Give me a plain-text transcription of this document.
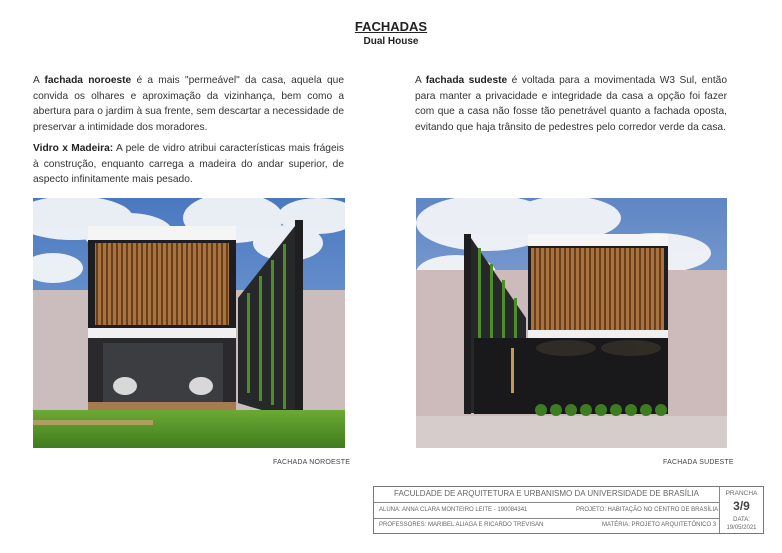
FACHADAS
Dual House
A fachada noroeste é a mais "permeável" da casa, aquela que convida os olhares e aproximação da vizinhança, bem como a abertura para o jardim à sua frente, sem descartar a necessidade de preservar a intimidade dos moradores.
Vidro x Madeira: A pele de vidro atribui características mais frágeis à construção, enquanto carrega a madeira do andar superior, de aspecto infinitamente mais pesado.
A fachada sudeste é voltada para a movimentada W3 Sul, então para manter a privacidade e integridade da casa a opção foi fazer com que a casa não fosse tão penetrável quanto a fachada oposta, evitando que haja trânsito de pedestres pelo corredor verde da casa.
FACHADA NOROESTE	FACHADA SUDESTE
FACULDADE DE ARQUITETURA E URBANISMO DA UNIVERSIDADE DE BRASÍLIA
ALUNA: ANNA CLARA MONTEIRO LEITE - 190084341	PROJETO: HABITAÇÃO NO CENTRO DE BRASÍLIA
PROFESSORES: MARIBEL ALIAGA E RICARDO TREVISAN	MATÉRIA: PROJETO ARQUITETÔNICO 3
PRANCHA
3/9
DATA:
19/05/2021
